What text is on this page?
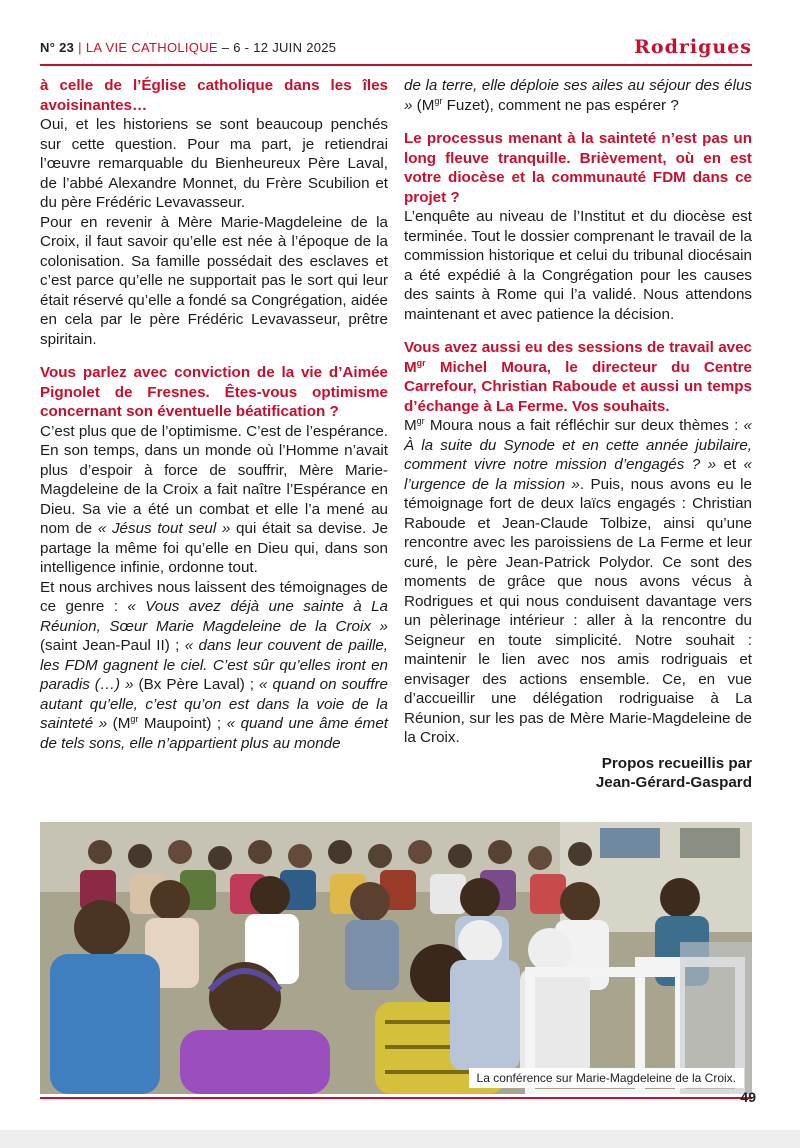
N° 23 | LA VIE CATHOLIQUE – 6 - 12 JUIN 2025	Rodrigues

à celle de l’Église catholique dans les îles avoisinantes…

Oui, et les historiens se sont beaucoup penchés sur cette question. Pour ma part, je retiendrai l’œuvre remarquable du Bienheureux Père Laval, de l’abbé Alexandre Monnet, du Frère Scubilion et du père Frédéric Levavasseur.

Pour en revenir à Mère Marie-Magdeleine de la Croix, il faut savoir qu’elle est née à l’époque de la colonisation. Sa famille possédait des esclaves et c’est parce qu’elle ne supportait pas le sort qui leur était réservé qu’elle a fondé sa Congrégation, aidée en cela par le père Frédéric Levavasseur, prêtre spiritain.

Vous parlez avec conviction de la vie d’Aimée Pignolet de Fresnes. Êtes-vous optimisme concernant son éventuelle béatification ?

C’est plus que de l’optimisme. C’est de l’espérance. En son temps, dans un monde où l’Homme n’avait plus d’espoir à force de souffrir, Mère Marie-Magdeleine de la Croix a fait naître l’Espérance en Dieu. Sa vie a été un combat et elle l’a mené au nom de « Jésus tout seul » qui était sa devise. Je partage la même foi qu’elle en Dieu qui, dans son intelligence infinie, ordonne tout.

Et nous archives nous laissent des témoignages de ce genre : « Vous avez déjà une sainte à La Réunion, Sœur Marie Magdeleine de la Croix » (saint Jean-Paul II) ; « dans leur couvent de paille, les FDM gagnent le ciel. C’est sûr qu’elles iront en paradis (…) » (Bx Père Laval) ; « quand on souffre autant qu’elle, c’est qu’on est dans la voie de la sainteté » ($M^{gr}$ Maupoint) ; « quand une âme émet de tels sons, elle n’appartient plus au monde

de la terre, elle déploie ses ailes au séjour des élus » ($M^{gr}$ Fuzet), comment ne pas espérer ?

Le processus menant à la sainteté n’est pas un long fleuve tranquille. Brièvement, où en est votre diocèse et la communauté FDM dans ce projet ?

L’enquête au niveau de l’Institut et du diocèse est terminée. Tout le dossier comprenant le travail de la commission historique et celui du tribunal diocésain a été expédié à la Congrégation pour les causes des saints à Rome qui l’a validé. Nous attendons maintenant et avec patience la décision.

Vous avez aussi eu des sessions de travail avec $M^{gr}$ Michel Moura, le directeur du Centre Carrefour, Christian Raboude et aussi un temps d’échange à La Ferme. Vos souhaits.

$M^{gr}$ Moura nous a fait réfléchir sur deux thèmes : « À la suite du Synode et en cette année jubilaire, comment vivre notre mission d’engagés ? » et « l’urgence de la mission ». Puis, nous avons eu le témoignage fort de deux laïcs engagés : Christian Raboude et Jean-Claude Tolbize, ainsi qu’une rencontre avec les paroissiens de La Ferme et leur curé, le père Jean-Patrick Polydor. Ce sont des moments de grâce que nous avons vécus à Rodrigues et qui nous conduisent davantage vers un pèlerinage intérieur : aller à la rencontre du Seigneur en toute simplicité. Notre souhait : maintenir le lien avec nos amis rodriguais et envisager des actions ensemble. Ce, en vue d’accueillir une délégation rodriguaise à La Réunion, sur les pas de Mère Marie-Magdeleine de la Croix.

Propos recueillis par
Jean-Gérard-Gaspard

La conférence sur Marie-Magdeleine de la Croix.
49
